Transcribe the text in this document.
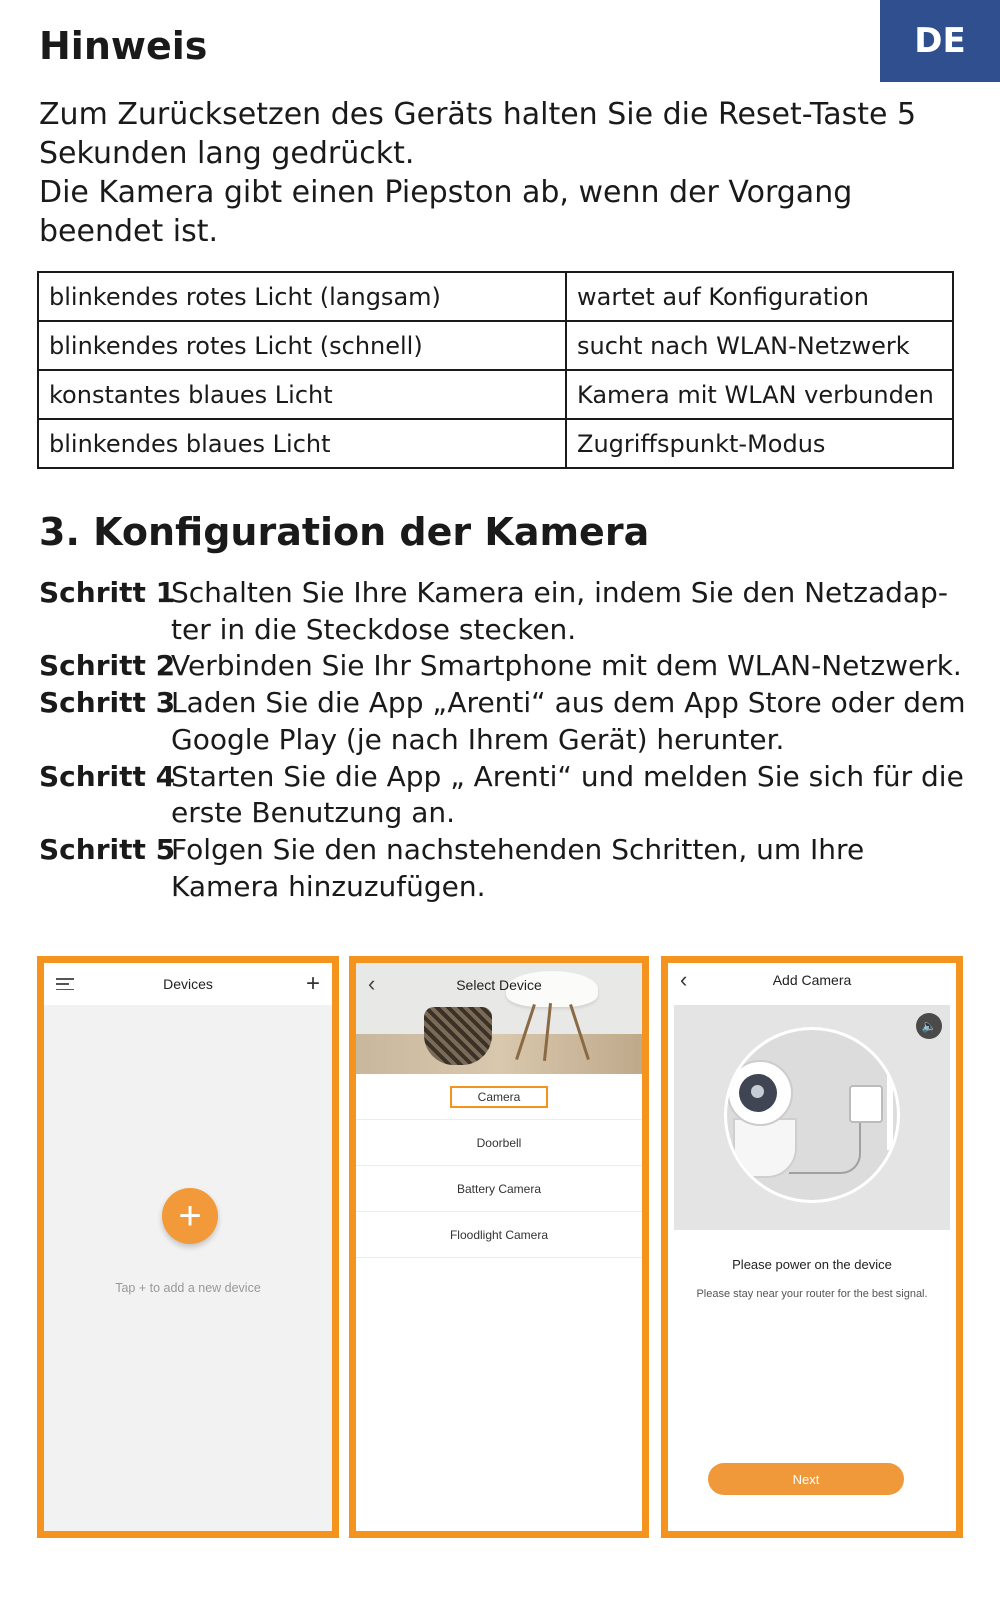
DE
Hinweis

Zum Zurücksetzen des Geräts halten Sie die Reset-Taste 5 Sekunden lang gedrückt.

Die Kamera gibt einen Piepston ab, wenn der Vorgang beendet ist.

blinkendes rotes Licht (langsam)	wartet auf Konfiguration
blinkendes rotes Licht (schnell)	sucht nach WLAN-Netzwerk
konstantes blaues Licht	Kamera mit WLAN verbunden
blinkendes blaues Licht	Zugriffspunkt-Modus
3. Konfiguration der Kamera
Schritt 1
Schalten Sie Ihre Kamera ein, indem Sie den Netzadapter in die Steckdose stecken.
Schritt 2
Verbinden Sie Ihr Smartphone mit dem WLAN-Netzwerk.
Schritt 3
Laden Sie die App „Arenti“ aus dem App Store oder dem Google Play (je nach Ihrem Gerät) herunter.
Schritt 4
Starten Sie die App „ Arenti“ und melden Sie sich für die erste Benutzung an.
Schritt 5
Folgen Sie den nachstehenden Schritten, um Ihre Kamera hinzuzufügen.
Devices	+
+
Tap + to add a new device
‹	Select Device
Camera
Doorbell
Battery Camera
Floodlight Camera
‹	Add Camera
🔈
Please power on the device
Please stay near your router for the best signal.
Next
